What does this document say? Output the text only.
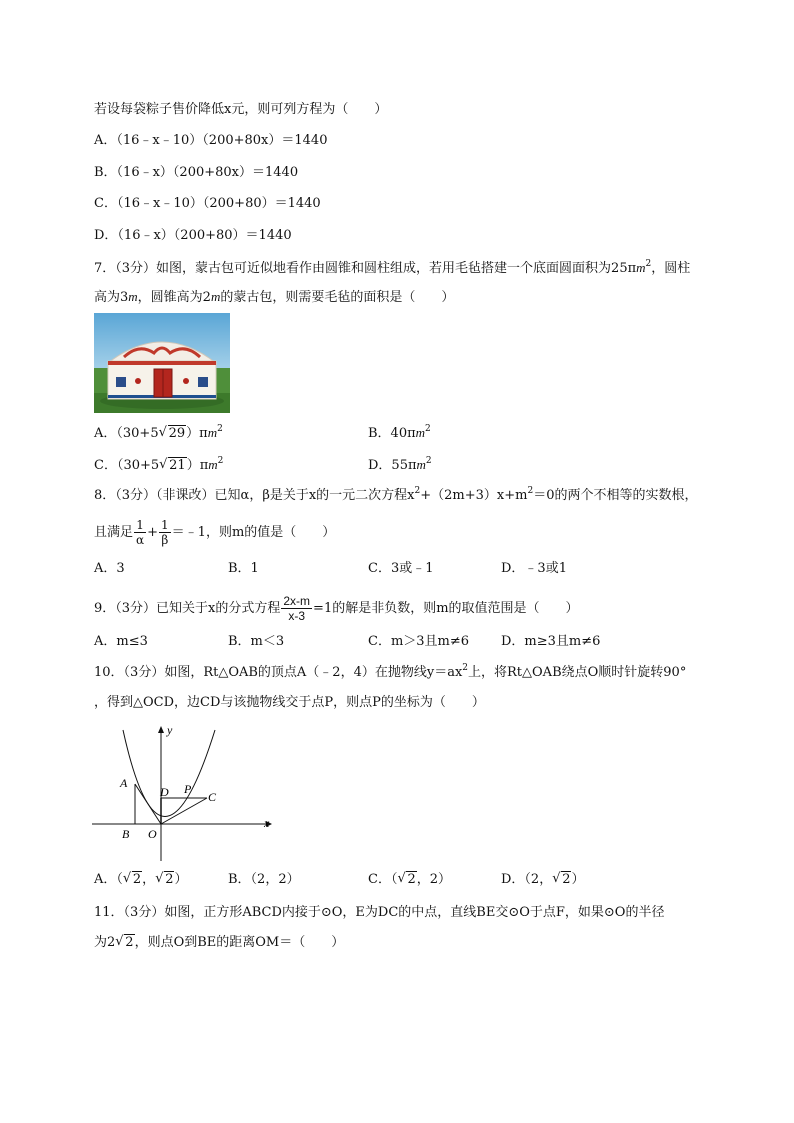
若设每袋粽子售价降低x元，则可列方程为（　　）
A．（16﹣x﹣10）（200+80x）＝1440
B．（16﹣x）（200+80x）＝1440
C．（16﹣x﹣10）（200+80）＝1440
D．（16﹣x）（200+80）＝1440
7．（3分）如图，蒙古包可近似地看作由圆锥和圆柱组成，若用毛毡搭建一个底面圆面积为$25\pi m^2$，圆柱
高为3m，圆锥高为2m的蒙古包，则需要毛毡的面积是（　　）
A．（30+5 √ $29)\pi m^2$	B．$40\pi m^2$
C．（30+5 √ $21)\pi m^2$	D．$55\pi m^2$
8．（3分）（非课改）已知α，β是关于x的一元二次方程$x^2+(2m+3)x+m^2=0$的两个不相等的实数根，
且满足 $\frac{1}{\alpha} + \frac{1}{\beta}$ ＝﹣1，则m的值是（　　）
A．3	B．1	C．3或﹣1	D．﹣3或1
9．（3分）已知关于x的分式方程 $\frac{2x-m}{x-3} =1$的解是非负数，则m的取值范围是（　　）
A．m≤3	B．m＜3	C．m＞3且m≠6 D．m≥3且m≠6
10．（3分）如图，Rt△OAB的顶点A（﹣2，4）在抛物线$y=ax^2$上，将Rt△OAB绕点O顺时针旋转90°
，得到△OCD，边CD与该抛物线交于点P，则点P的坐标为（　　）
y
x
A
B O
D P
C
A．（ √ 2， √ 2）	B．（2，2）	C．（ √ 2，2）	D．（2， √ 2）
11．（3分）如图，正方形ABCD内接于⊙O，E为DC的中点，直线BE交⊙O于点F，如果⊙O的半径
为2 √ 2，则点O到BE的距离OM＝（　　）
